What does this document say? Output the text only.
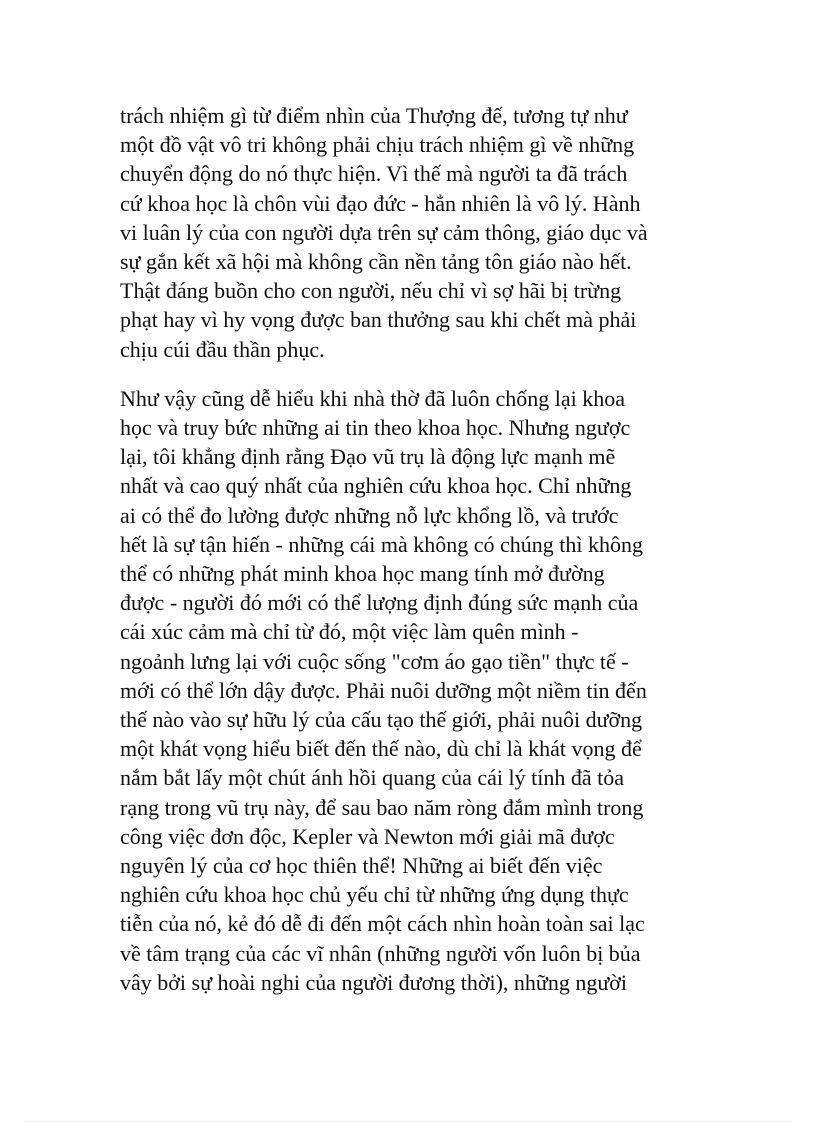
trách nhiệm gì từ điểm nhìn của Thượng đế, tương tự như
một đồ vật vô tri không phải chịu trách nhiệm gì về những
chuyển động do nó thực hiện. Vì thế mà người ta đã trách
cứ khoa học là chôn vùi đạo đức - hẳn nhiên là vô lý. Hành
vi luân lý của con người dựa trên sự cảm thông, giáo dục và
sự gắn kết xã hội mà không cần nền tảng tôn giáo nào hết.
Thật đáng buồn cho con người, nếu chỉ vì sợ hãi bị trừng
phạt hay vì hy vọng được ban thưởng sau khi chết mà phải
chịu cúi đầu thần phục.

Như vậy cũng dễ hiểu khi nhà thờ đã luôn chống lại khoa
học và truy bức những ai tin theo khoa học. Nhưng ngược
lại, tôi khẳng định rằng Đạo vũ trụ là động lực mạnh mẽ
nhất và cao quý nhất của nghiên cứu khoa học. Chỉ những
ai có thể đo lường được những nỗ lực khổng lồ, và trước
hết là sự tận hiến - những cái mà không có chúng thì không
thể có những phát minh khoa học mang tính mở đường
được - người đó mới có thể lượng định đúng sức mạnh của
cái xúc cảm mà chỉ từ đó, một việc làm quên mình -
ngoảnh lưng lại với cuộc sống "cơm áo gạo tiền" thực tế -
mới có thể lớn dậy được. Phải nuôi dưỡng một niềm tin đến
thế nào vào sự hữu lý của cấu tạo thế giới, phải nuôi dưỡng
một khát vọng hiểu biết đến thế nào, dù chỉ là khát vọng để
nắm bắt lấy một chút ánh hồi quang của cái lý tính đã tỏa
rạng trong vũ trụ này, để sau bao năm ròng đắm mình trong
công việc đơn độc, Kepler và Newton mới giải mã được
nguyên lý của cơ học thiên thể! Những ai biết đến việc
nghiên cứu khoa học chủ yếu chỉ từ những ứng dụng thực
tiễn của nó, kẻ đó dễ đi đến một cách nhìn hoàn toàn sai lạc
về tâm trạng của các vĩ nhân (những người vốn luôn bị bủa
vây bởi sự hoài nghi của người đương thời), những người
